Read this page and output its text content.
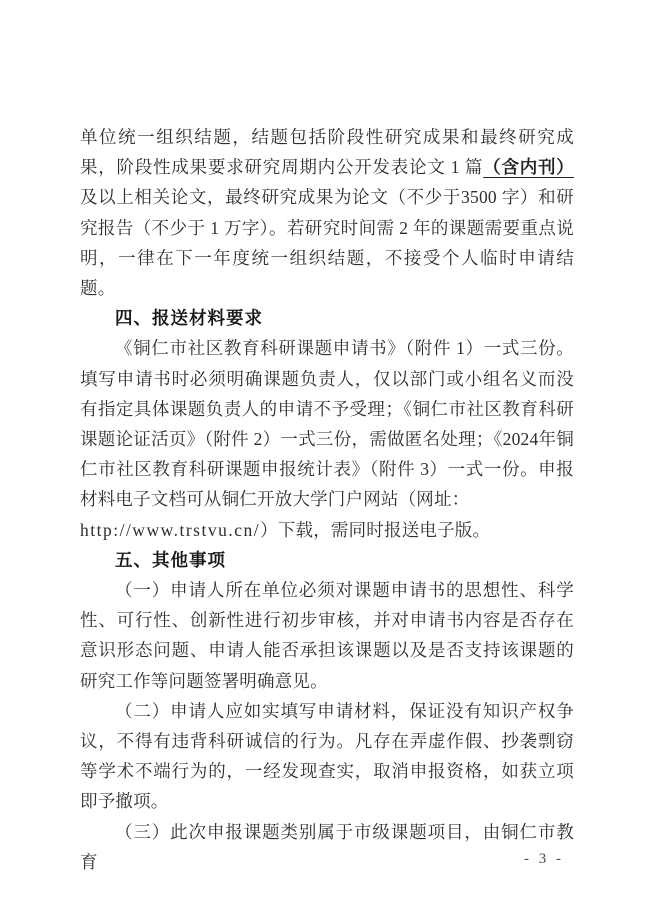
单位统一组织结题，结题包括阶段性研究成果和最终研究成果，阶段性成果要求研究周期内公开发表论文 1 篇（含内刊）及以上相关论文，最终研究成果为论文（不少于3500 字）和研究报告（不少于 1 万字）。若研究时间需 2 年的课题需要重点说明，一律在下一年度统一组织结题，不接受个人临时申请结题。

四、报送材料要求

《铜仁市社区教育科研课题申请书》（附件 1）一式三份。填写申请书时必须明确课题负责人，仅以部门或小组名义而没有指定具体课题负责人的申请不予受理；《铜仁市社区教育科研课题论证活页》（附件 2）一式三份，需做匿名处理；《2024年铜仁市社区教育科研课题申报统计表》（附件 3）一式一份。申报材料电子文档可从铜仁开放大学门户网站（网址：
http://www.trstvu.cn/）下载，需同时报送电子版。

五、其他事项

（一）申请人所在单位必须对课题申请书的思想性、科学性、可行性、创新性进行初步审核，并对申请书内容是否存在意识形态问题、申请人能否承担该课题以及是否支持该课题的研究工作等问题签署明确意见。

（二）申请人应如实填写申请材料，保证没有知识产权争议，不得有违背科研诚信的行为。凡存在弄虚作假、抄袭剽窃等学术不端行为的，一经发现查实，取消申报资格，如获立项即予撤项。

（三）此次申报课题类别属于市级课题项目，由铜仁市教育	- 3 -
